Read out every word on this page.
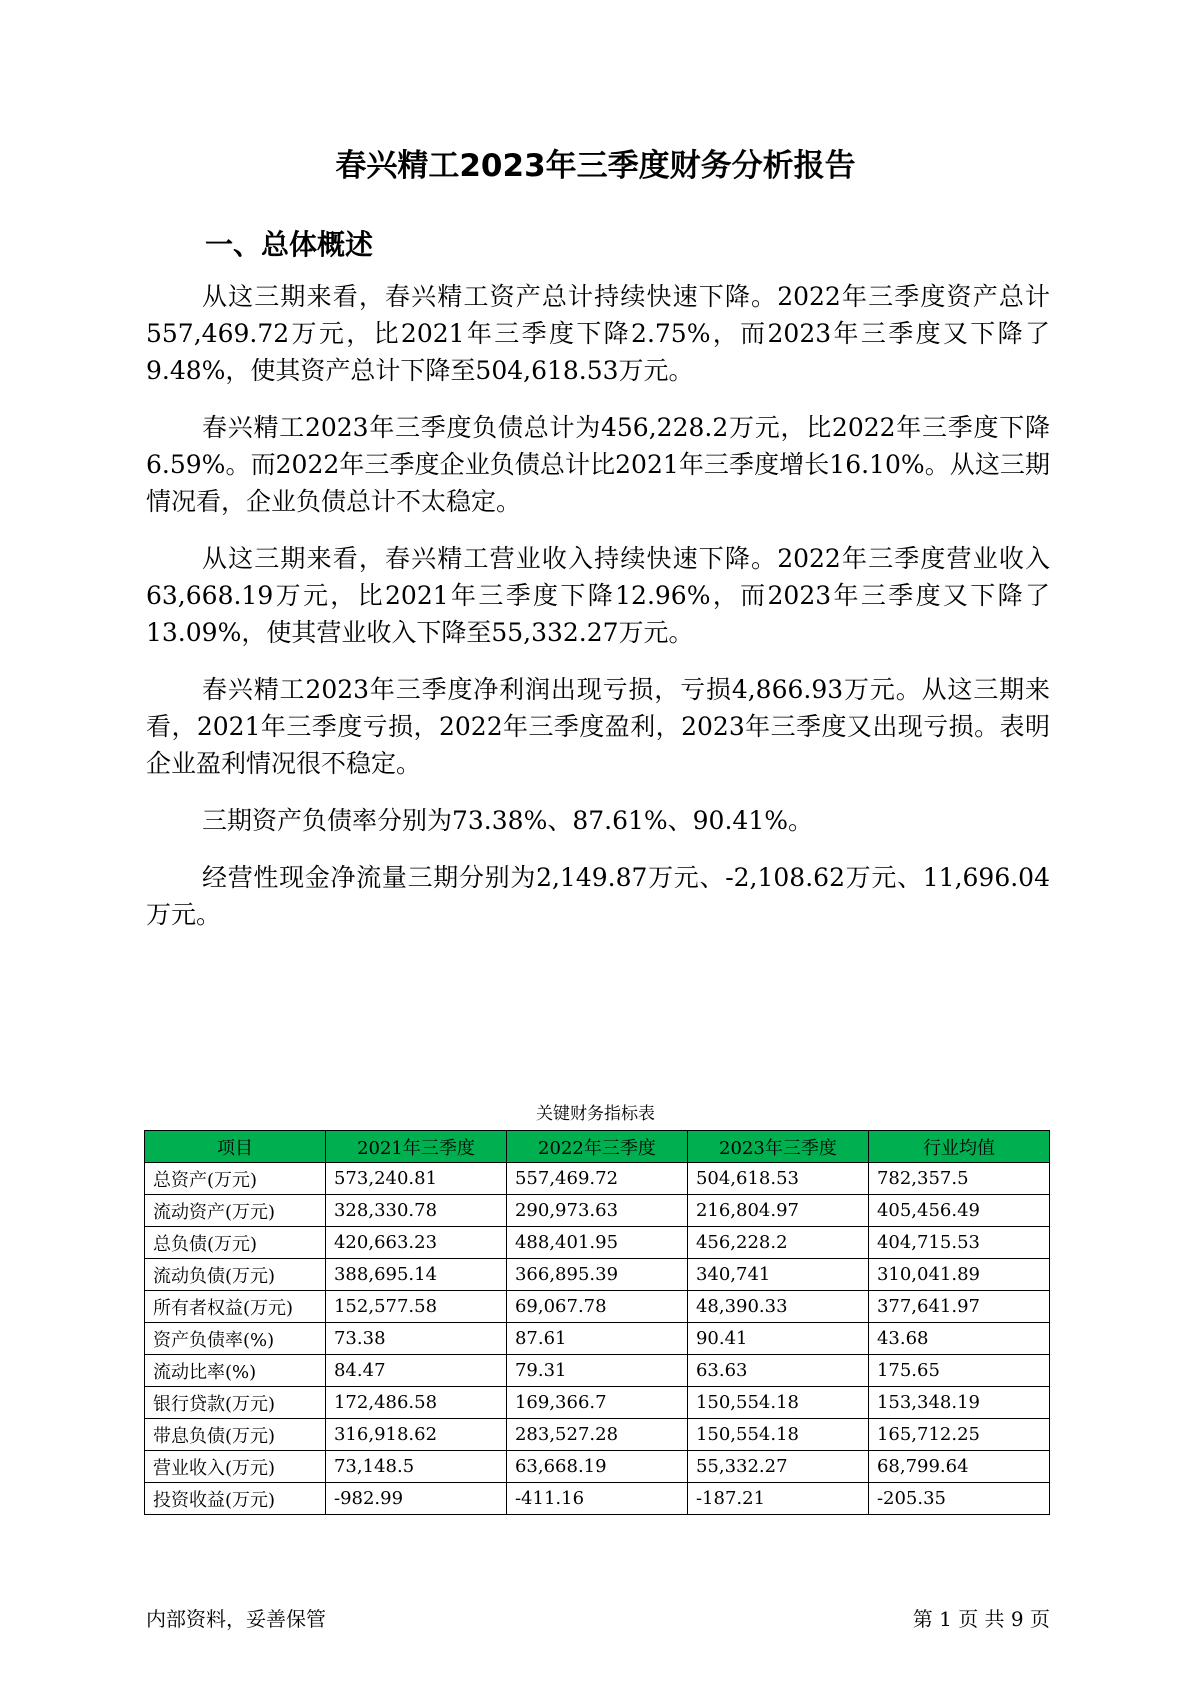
春兴精工2023年三季度财务分析报告
一、总体概述

从这三期来看，春兴精工资产总计持续快速下降。2022年三季度资产总计557,469.72万元，比2021年三季度下降2.75%，而2023年三季度又下降了9.48%，使其资产总计下降至504,618.53万元。

春兴精工2023年三季度负债总计为456,228.2万元，比2022年三季度下降6.59%。而2022年三季度企业负债总计比2021年三季度增长16.10%。从这三期情况看，企业负债总计不太稳定。

从这三期来看，春兴精工营业收入持续快速下降。2022年三季度营业收入63,668.19万元，比2021年三季度下降12.96%，而2023年三季度又下降了13.09%，使其营业收入下降至55,332.27万元。

春兴精工2023年三季度净利润出现亏损，亏损4,866.93万元。从这三期来看，2021年三季度亏损，2022年三季度盈利，2023年三季度又出现亏损。表明企业盈利情况很不稳定。

三期资产负债率分别为73.38%、87.61%、90.41%。

经营性现金净流量三期分别为2,149.87万元、-2,108.62万元、11,696.04万元。

关键财务指标表
项目	2021年三季度	2022年三季度	2023年三季度	行业均值
总资产(万元)	573,240.81	557,469.72	504,618.53	782,357.5
流动资产(万元)	328,330.78	290,973.63	216,804.97	405,456.49
总负债(万元)	420,663.23	488,401.95	456,228.2	404,715.53
流动负债(万元)	388,695.14	366,895.39	340,741	310,041.89
所有者权益(万元)	152,577.58	69,067.78	48,390.33	377,641.97
资产负债率(%)	73.38	87.61	90.41	43.68
流动比率(%)	84.47	79.31	63.63	175.65
银行贷款(万元)	172,486.58	169,366.7	150,554.18	153,348.19
带息负债(万元)	316,918.62	283,527.28	150,554.18	165,712.25
营业收入(万元)	73,148.5	63,668.19	55,332.27	68,799.64
投资收益(万元)	-982.99	-411.16	-187.21	-205.35
内部资料，妥善保管	第 1 页 共 9 页
